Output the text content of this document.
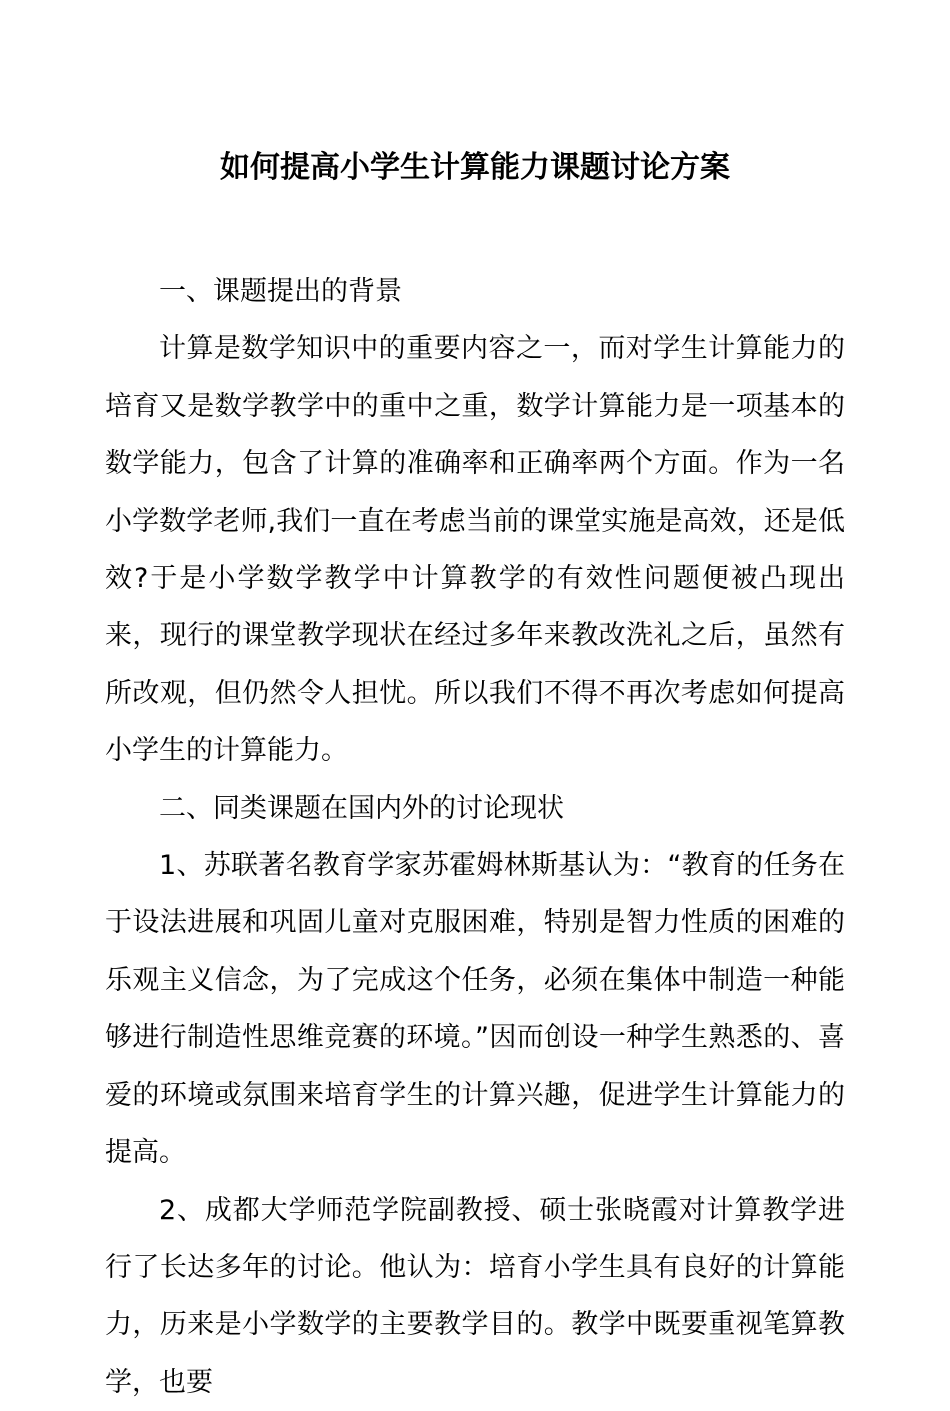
如何提高小学生计算能力课题讨论方案

一、课题提出的背景

计算是数学知识中的重要内容之一，而对学生计算能力的培育又是数学教学中的重中之重，数学计算能力是一项基本的数学能力，包含了计算的准确率和正确率两个方面。作为一名小学数学老师,我们一直在考虑当前的课堂实施是高效，还是低效?于是小学数学教学中计算教学的有效性问题便被凸现出来，现行的课堂教学现状在经过多年来教改洗礼之后，虽然有所改观，但仍然令人担忧。所以我们不得不再次考虑如何提高小学生的计算能力。

二、同类课题在国内外的讨论现状

1、苏联著名教育学家苏霍姆林斯基认为：“教育的任务在于设法进展和巩固儿童对克服困难，特别是智力性质的困难的乐观主义信念，为了完成这个任务，必须在集体中制造一种能够进行制造性思维竞赛的环境。”因而创设一种学生熟悉的、喜爱的环境或氛围来培育学生的计算兴趣，促进学生计算能力的提高。

2、成都大学师范学院副教授、硕士张晓霞对计算教学进行了长达多年的讨论。他认为：培育小学生具有良好的计算能力，历来是小学数学的主要教学目的。教学中既要重视笔算教学，也要
